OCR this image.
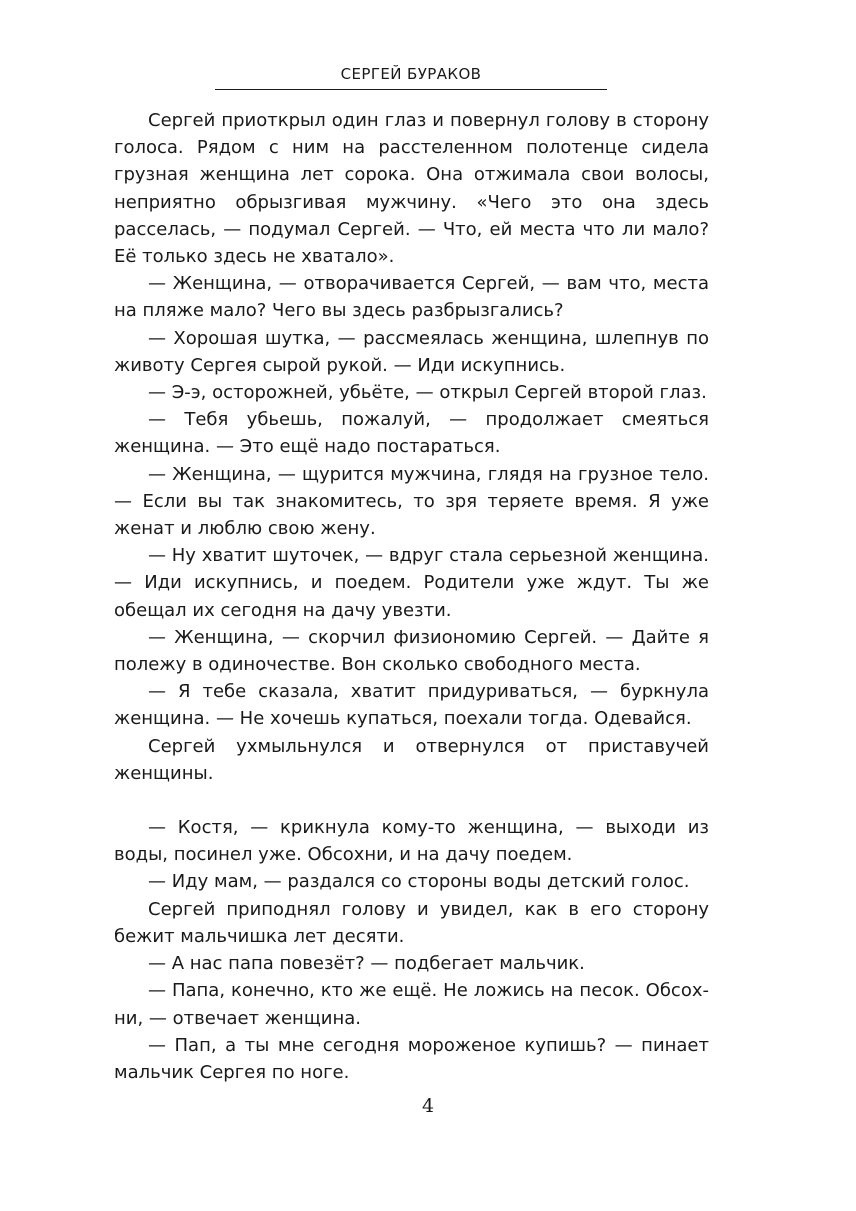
СЕРГЕЙ БУРАКОВ

Сергей приоткрыл один глаз и повернул голову в сторону голоса. Рядом с ним на расстеленном полотенце сидела грузная женщина лет сорока. Она отжимала свои волосы, неприятно обрызгивая мужчину. «Чего это она здесь расселась, — подумал Сергей. — Что, ей места что ли мало? Её только здесь не хватало».

— Женщина, — отворачивается Сергей, — вам что, места на пляже мало? Чего вы здесь разбрызгались?

— Хорошая шутка, — рассмеялась женщина, шлепнув по животу Сергея сырой рукой. — Иди искупнись.

— Э-э, осторожней, убьёте, — открыл Сергей второй глаз.

— Тебя убьешь, пожалуй, — продолжает смеяться женщина. — Это ещё надо постараться.

— Женщина, — щурится мужчина, глядя на грузное тело. — Если вы так знакомитесь, то зря теряете время. Я уже женат и люблю свою жену.

— Ну хватит шуточек, — вдруг стала серьезной женщина. — Иди искупнись, и поедем. Родители уже ждут. Ты же обещал их сегодня на дачу увезти.

— Женщина, — скорчил физиономию Сергей. — Дайте я полежу в одиночестве. Вон сколько свободного места.

— Я тебе сказала, хватит придуриваться, — буркнула женщина. — Не хочешь купаться, поехали тогда. Одевайся.

Сергей ухмыльнулся и отвернулся от приставучей женщины.

— Костя, — крикнула кому-то женщина, — выходи из воды, посинел уже. Обсохни, и на дачу поедем.

— Иду мам, — раздался со стороны воды детский голос.

Сергей приподнял голову и увидел, как в его сторону бежит мальчишка лет десяти.

— А нас папа повезёт? — подбегает мальчик.

— Папа, конечно, кто же ещё. Не ложись на песок. Обсохни, — отвечает женщина.

— Пап, а ты мне сегодня мороженое купишь? — пинает мальчик Сергея по ноге.

4
